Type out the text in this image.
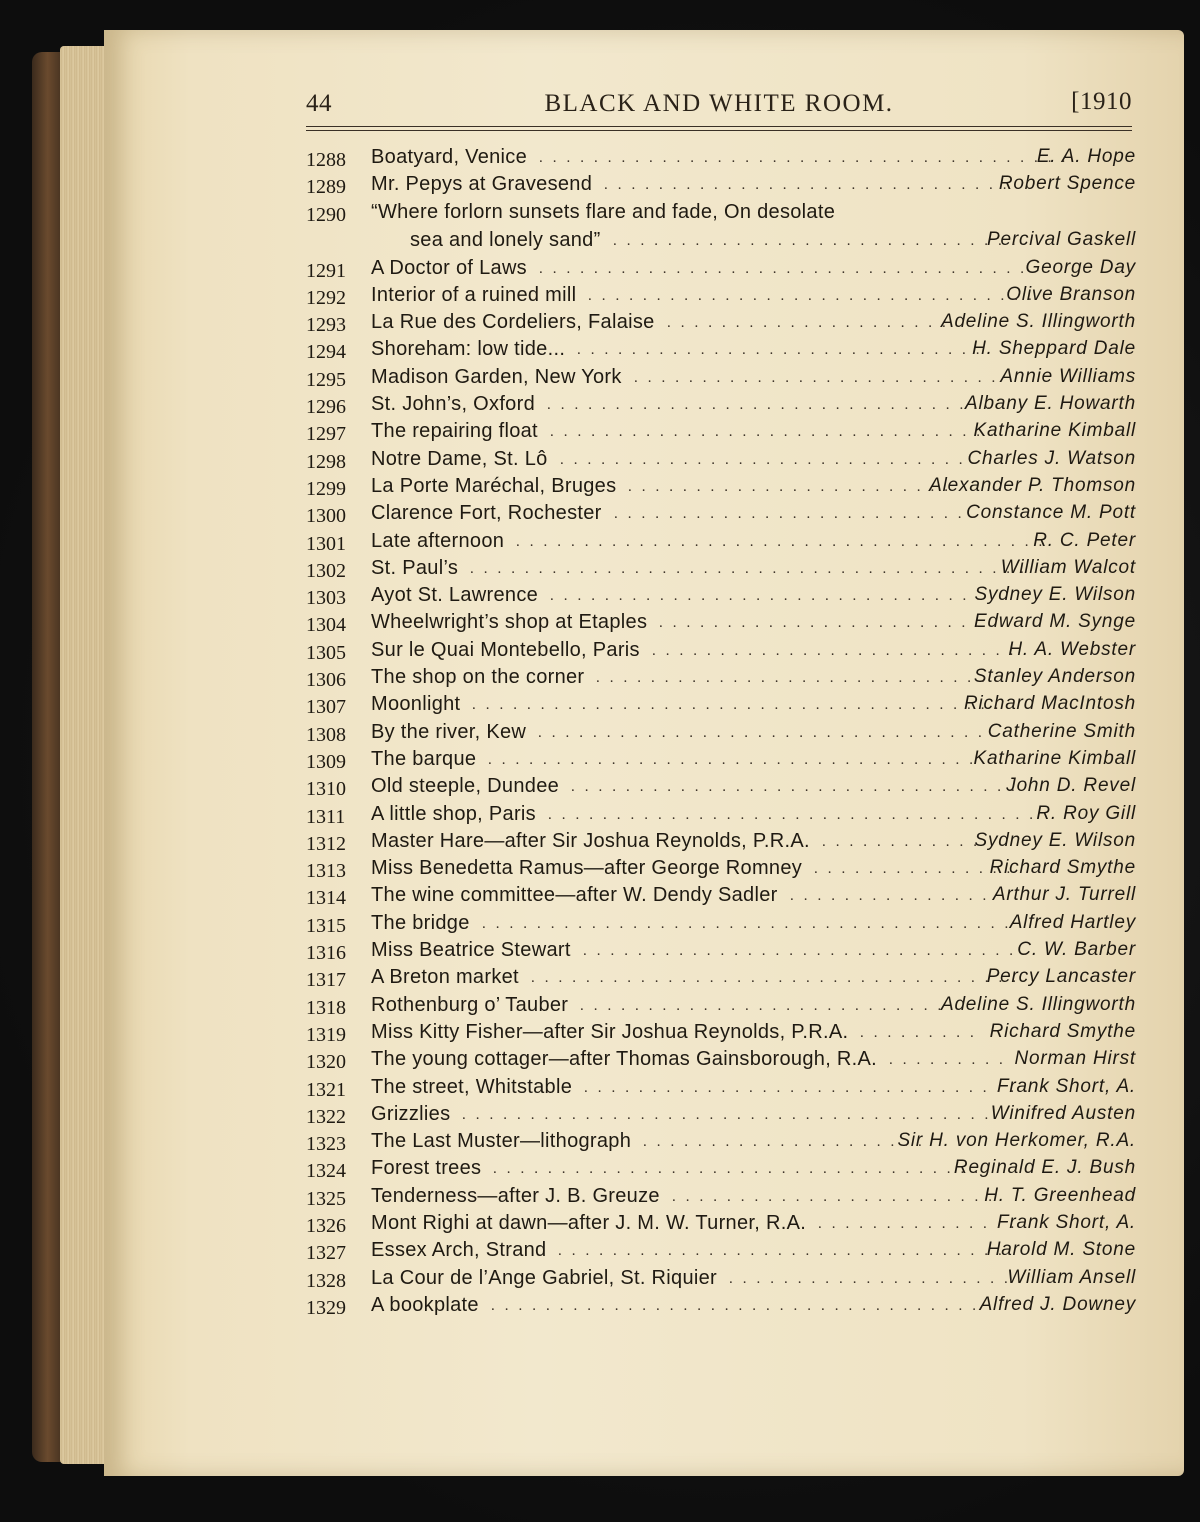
44	BLACK AND WHITE ROOM.	[1910
1288	Boatyard, Venice	E. A. Hope
.......................................
1289	Mr. Pepys at Gravesend	Robert Spence
..............................
1290	“Where forlorn sunsets flare and fade, On desolate
sea and lonely sand”	Percival Gaskell
..............................
1291	A Doctor of Laws	George Day
....................................
1292	Interior of a ruined mill	Olive Branson
.................................
1293	La Rue des Cordeliers, Falaise	Adeline S. Illingworth
.....................
1294	Shoreham: low tide...	H. Sheppard Dale
..............................
1295	Madison Garden, New York	Annie Williams
...........................
1296	St. John’s, Oxford	Albany E. Howarth
.................................
1297	The repairing float	Katharine Kimball
.................................
1298	Notre Dame, St. Lô	Charles J. Watson
..............................
1299	La Porte Maréchal, Bruges	Alexander P. Thomson
........................
1300	Clarence Fort, Rochester	Constance M. Pott
...........................
1301	Late afternoon	R. C. Peter
.......................................
1302	St. Paul’s	William Walcot
..........................................
1303	Ayot St. Lawrence	Sydney E. Wilson
.................................
1304	Wheelwright’s shop at Etaples	Edward M. Synge
........................
1305	Sur le Quai Montebello, Paris	H. A. Webster
...........................
1306	The shop on the corner	Stanley Anderson
..............................
1307	Moonlight	Richard MacIntosh
.......................................
1308	By the river, Kew	Catherine Smith
.................................
1309	The barque	Katharine Kimball
....................................
1310	Old steeple, Dundee	John D. Revel
.................................
1311	A little shop, Paris	R. Roy Gill
....................................
1312	Master Hare—after Sir Joshua Reynolds, P.R.A.	Sydney E. Wilson
............
1313	Miss Benedetta Ramus—after George Romney	Richard Smythe
...............
1314	The wine committee—after W. Dendy Sadler	Arthur J. Turrell
...............
1315	The bridge	Alfred Hartley
.......................................
1316	Miss Beatrice Stewart	C. W. Barber
.................................
1317	A Breton market	Percy Lancaster
....................................
1318	Rothenburg o’ Tauber	Adeline S. Illingworth
...........................
1319	Miss Kitty Fisher—after Sir Joshua Reynolds, P.R.A.	Richard Smythe
.........
1320	The young cottager—after Thomas Gainsborough, R.A.	Norman Hirst
.........
1321	The street, Whitstable	Frank Short, A.
.................................
1322	Grizzlies	Winifred Austen
.......................................
1323	The Last Muster—lithograph	Sir H. von Herkomer, R.A.
.....................
1324	Forest trees	Reginald E. J. Bush
....................................
1325	Tenderness—after J. B. Greuze	H. T. Greenhead
........................
1326	Mont Righi at dawn—after J. M. W. Turner, R.A.	Frank Short, A.
...............
1327	Essex Arch, Strand	Harold M. Stone
.................................
1328	La Cour de l’Ange Gabriel, St. Riquier	William Ansell
.....................
1329	A bookplate	Alfred J. Downey
....................................
